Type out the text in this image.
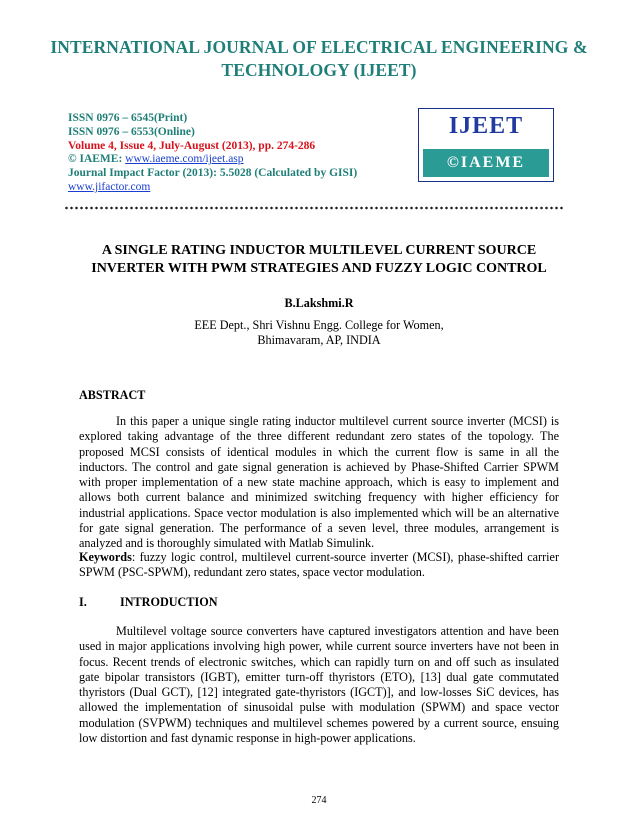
INTERNATIONAL JOURNAL OF ELECTRICAL ENGINEERING &
TECHNOLOGY (IJEET)
ISSN 0976 – 6545(Print)
ISSN 0976 – 6553(Online)
Volume 4, Issue 4, July-August (2013), pp. 274-286
© IAEME: www.iaeme.com/ijeet.asp
Journal Impact Factor (2013): 5.5028 (Calculated by GISI)
www.jifactor.com
IJEET
©IAEME
A SINGLE RATING INDUCTOR MULTILEVEL CURRENT SOURCE
INVERTER WITH PWM STRATEGIES AND FUZZY LOGIC CONTROL
B.Lakshmi.R
EEE Dept., Shri Vishnu Engg. College for Women,
Bhimavaram, AP, INDIA
ABSTRACT
In this paper a unique single rating inductor multilevel current source inverter (MCSI) is explored taking advantage of the three different redundant zero states of the topology. The proposed MCSI consists of identical modules in which the current flow is same in all the inductors. The control and gate signal generation is achieved by Phase-Shifted Carrier SPWM with proper implementation of a new state machine approach, which is easy to implement and allows both current balance and minimized switching frequency with higher efficiency for industrial applications. Space vector modulation is also implemented which will be an alternative for gate signal generation. The performance of a seven level, three modules, arrangement is analyzed and is thoroughly simulated with Matlab Simulink.
Keywords: fuzzy logic control, multilevel current-source inverter (MCSI), phase-shifted carrier SPWM (PSC-SPWM), redundant zero states, space vector modulation.
I.	INTRODUCTION
Multilevel voltage source converters have captured investigators attention and have been used in major applications involving high power, while current source inverters have not been in focus. Recent trends of electronic switches, which can rapidly turn on and off such as insulated gate bipolar transistors (IGBT), emitter turn-off thyristors (ETO), [13] dual gate commutated thyristors (Dual GCT), [12] integrated gate-thyristors (IGCT)], and low-losses SiC devices, has allowed the implementation of sinusoidal pulse with modulation (SPWM) and space vector modulation (SVPWM) techniques and multilevel schemes powered by a current source, ensuing low distortion and fast dynamic response in high-power applications.
274
